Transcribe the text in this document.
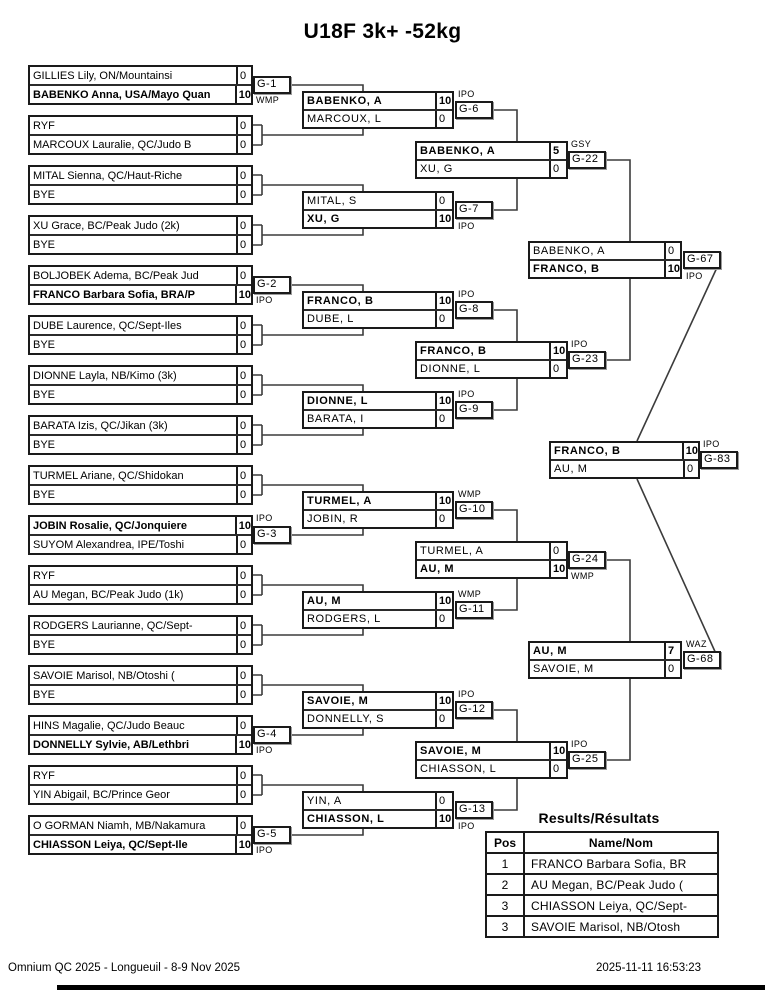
U18F 3k+ -52kg
GILLIES Lily, ON/Mountainsi	0
BABENKO Anna, USA/Mayo Quan	10
G-1
WMP
RYF	0
MARCOUX Lauralie, QC/Judo B	0
MITAL Sienna, QC/Haut-Riche	0
BYE	0
XU Grace, BC/Peak Judo (2k)	0
BYE	0
BOLJOBEK Adema, BC/Peak Jud	0
FRANCO Barbara Sofia, BRA/P	10
G-2
IPO
DUBE Laurence, QC/Sept-Iles	0
BYE	0
DIONNE Layla, NB/Kimo (3k)	0
BYE	0
BARATA Izis, QC/Jikan (3k)	0
BYE	0
TURMEL Ariane, QC/Shidokan	0
BYE	0
JOBIN Rosalie, QC/Jonquiere	10
SUYOM Alexandrea, IPE/Toshi	0
G-3
IPO
RYF	0
AU Megan, BC/Peak Judo (1k)	0
RODGERS Laurianne, QC/Sept-	0
BYE	0
SAVOIE Marisol, NB/Otoshi (	0
BYE	0
HINS Magalie, QC/Judo Beauc	0
DONNELLY Sylvie, AB/Lethbri	10
G-4
IPO
RYF	0
YIN Abigail, BC/Prince Geor	0
O GORMAN Niamh, MB/Nakamura	0
CHIASSON Leiya, QC/Sept-Ile	10
G-5
IPO
BABENKO, A	10
MARCOUX, L	0
G-6
IPO
MITAL, S	0
XU, G	10
G-7
IPO
FRANCO, B	10
DUBE, L	0
G-8
IPO
DIONNE, L	10
BARATA, I	0
G-9
IPO
TURMEL, A	10
JOBIN, R	0
G-10
WMP
AU, M	10
RODGERS, L	0
G-11
WMP
SAVOIE, M	10
DONNELLY, S	0
G-12
IPO
YIN, A	0
CHIASSON, L	10
G-13
IPO
BABENKO, A	5
XU, G	0
G-22
GSY
FRANCO, B	10
DIONNE, L	0
G-23
IPO
TURMEL, A	0
AU, M	10
G-24
WMP
SAVOIE, M	10
CHIASSON, L	0
G-25
IPO
BABENKO, A	0
FRANCO, B	10
G-67
IPO
AU, M	7
SAVOIE, M	0
G-68
WAZ
FRANCO, B	10
AU, M	0
G-83
IPO
Results/Résultats
Pos	Name/Nom
1	FRANCO Barbara Sofia, BR
2	AU Megan, BC/Peak Judo (
3	CHIASSON Leiya, QC/Sept-
3	SAVOIE Marisol, NB/Otosh
Omnium QC 2025 - Longueuil - 8-9 Nov 2025	2025-11-11 16:53:23
